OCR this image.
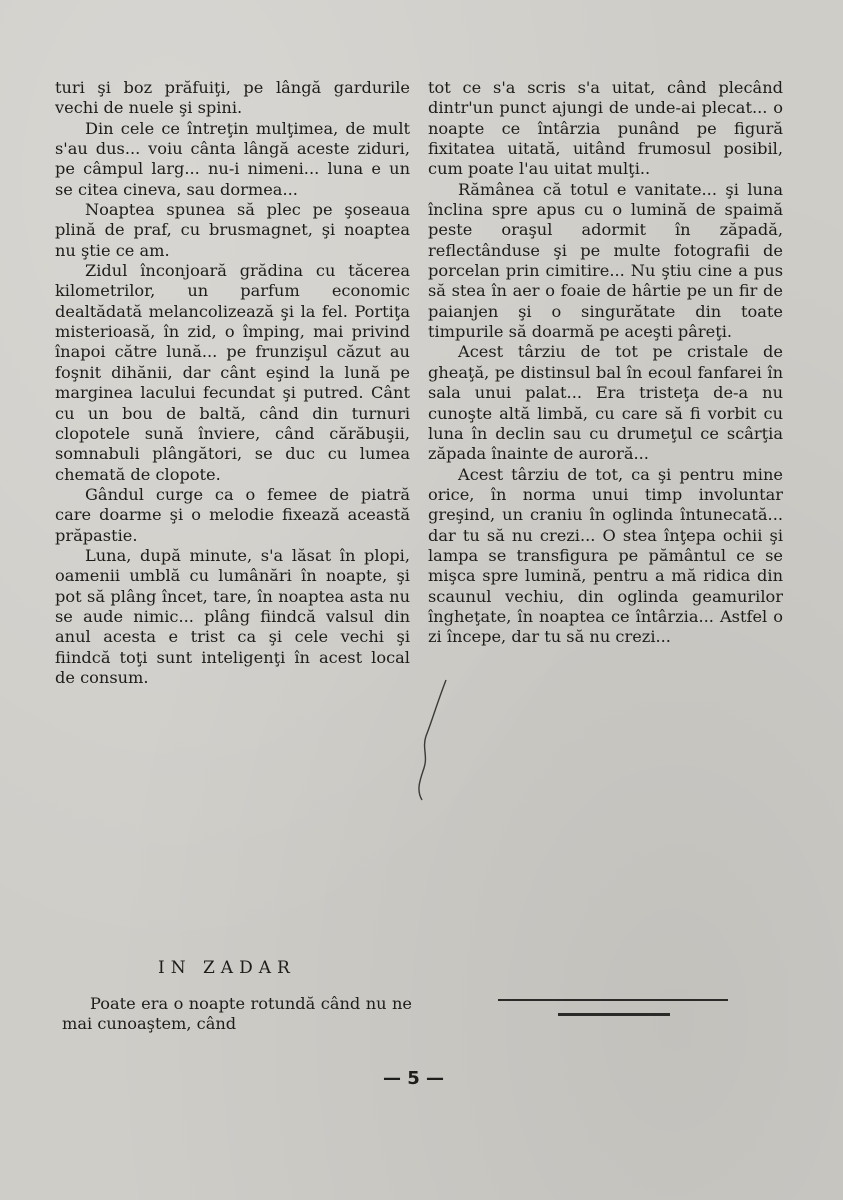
turi şi boz prăfuiţi, pe lângă gardurile vechi de nuele şi spini.

Din cele ce întreţin mulţimea, de mult s'au dus... voiu cânta lângă aceste ziduri, pe câmpul larg... nu-i nimeni... luna e un se citea cineva, sau dormea...

Noaptea spunea să plec pe şoseaua plină de praf, cu brusmagnet, şi noaptea nu ştie ce am.

Zidul înconjoară grădina cu tăcerea kilometrilor, un parfum economic dealtădată melancolizează şi la fel. Portiţa misterioasă, în zid, o împing, mai privind înapoi către lună... pe frunzişul căzut au foşnit dihănii, dar cânt eşind la lună pe marginea lacului fecundat şi putred. Cânt cu un bou de baltă, când din turnuri clopotele sună înviere, când cărăbuşii, somnabuli plângători, se duc cu lumea chemată de clopote.

Gândul curge ca o femee de piatră care doarme şi o melodie fixează această prăpastie.

Luna, după minute, s'a lăsat în plopi, oamenii umblă cu lumânări în noapte, şi pot să plâng încet, tare, în noaptea asta nu se aude nimic... plâng fiindcă valsul din anul acesta e trist ca şi cele vechi şi fiindcă toţi sunt inteligenţi în acest local de consum.

IN ZADAR

Poate era o noapte rotundă când nu ne mai cunoaştem, când

tot ce s'a scris s'a uitat, când plecând dintr'un punct ajungi de unde-ai plecat... o noapte ce întârzia punând pe figură fixitatea uitată, uitând frumosul posibil, cum poate l'au uitat mulţi..

Rămânea că totul e vanitate... şi luna înclina spre apus cu o lumină de spaimă peste oraşul adormit în zăpadă, reflectânduse şi pe multe fotografii de porcelan prin cimitire... Nu ştiu cine a pus să stea în aer o foaie de hârtie pe un fir de paianjen şi o singurătate din toate timpurile să doarmă pe aceşti pâreţi.

Acest târziu de tot pe cristale de gheaţă, pe distinsul bal în ecoul fanfarei în sala unui palat... Era tristeţa de-a nu cunoşte altă limbă, cu care să fi vorbit cu luna în declin sau cu drumeţul ce scârţia zăpada înainte de auroră...

Acest târziu de tot, ca şi pentru mine orice, în norma unui timp involuntar greşind, un craniu în oglinda întunecată... dar tu să nu crezi... O stea înţepa ochii şi lampa se transfigura pe pământul ce se mişca spre lumină, pentru a mă ridica din scaunul vechiu, din oglinda geamurilor îngheţate, în noaptea ce întârzia... Astfel o zi începe, dar tu să nu crezi...

— 5 —
